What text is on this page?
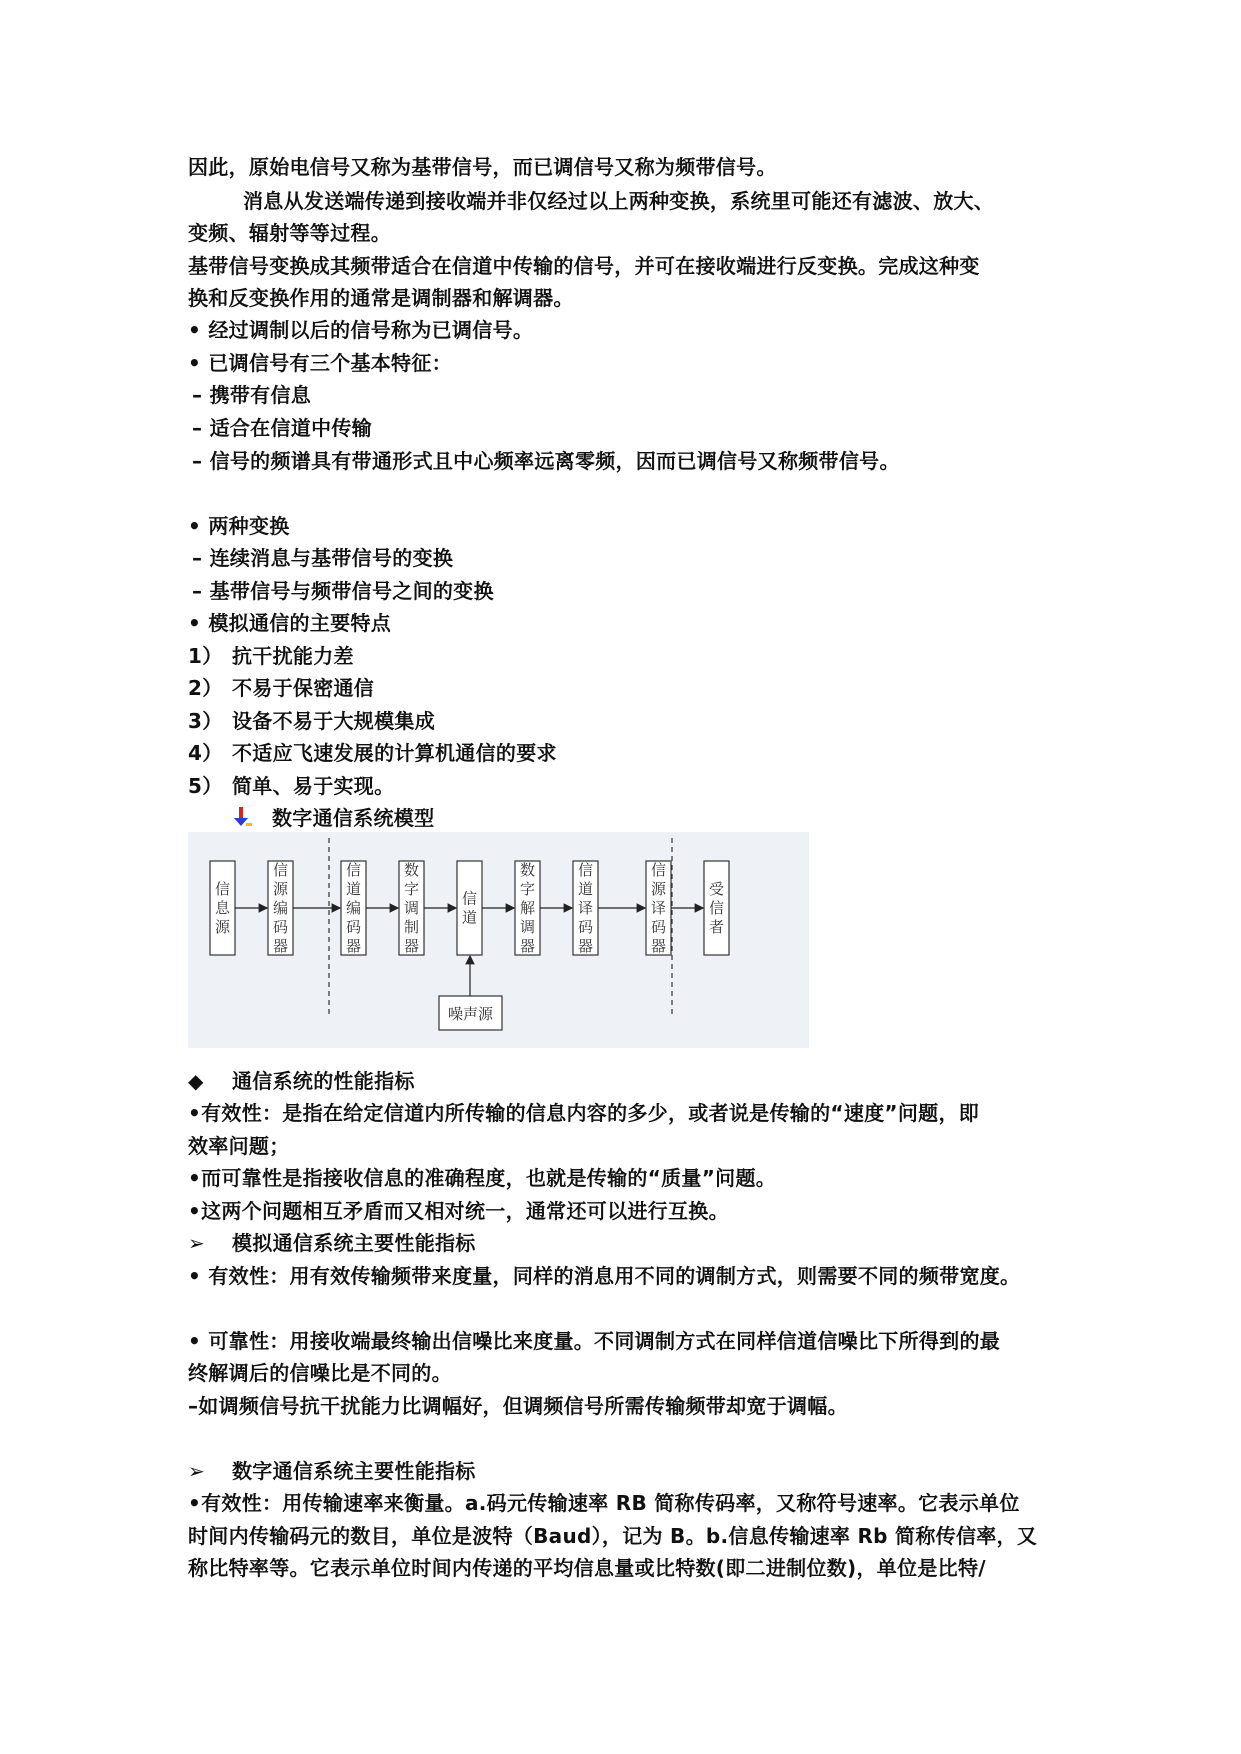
因此，原始电信号又称为基带信号，而已调信号又称为频带信号。
消息从发送端传递到接收端并非仅经过以上两种变换，系统里可能还有滤波、放大、
变频、辐射等等过程。
基带信号变换成其频带适合在信道中传输的信号，并可在接收端进行反变换。完成这种变
换和反变换作用的通常是调制器和解调器。
• 经过调制以后的信号称为已调信号。
• 已调信号有三个基本特征：
– 携带有信息
– 适合在信道中传输
– 信号的频谱具有带通形式且中心频率远离零频，因而已调信号又称频带信号。
• 两种变换
– 连续消息与基带信号的变换
– 基带信号与频带信号之间的变换
• 模拟通信的主要特点
1） 抗干扰能力差
2） 不易于保密通信
3） 设备不易于大规模集成
4） 不适应飞速发展的计算机通信的要求
5） 简单、易于实现。
数字通信系统模型
信
息
源
信
源
编
码
器
信
道
编
码
器
数
字
调
制
器
信
道
数
字
解
调
器
信
道
译
码
器
信
源
译
码
器
受
信
者
噪声源
◆ 通信系统的性能指标
•有效性：是指在给定信道内所传输的信息内容的多少，或者说是传输的“速度”问题，即
效率问题；
•而可靠性是指接收信息的准确程度，也就是传输的“质量”问题。
•这两个问题相互矛盾而又相对统一，通常还可以进行互换。
➢ 模拟通信系统主要性能指标
• 有效性：用有效传输频带来度量，同样的消息用不同的调制方式，则需要不同的频带宽度。
• 可靠性：用接收端最终输出信噪比来度量。不同调制方式在同样信道信噪比下所得到的最
终解调后的信噪比是不同的。
–如调频信号抗干扰能力比调幅好，但调频信号所需传输频带却宽于调幅。
➢ 数字通信系统主要性能指标
•有效性：用传输速率来衡量。a.码元传输速率 RB 简称传码率，又称符号速率。它表示单位
时间内传输码元的数目，单位是波特（Baud），记为 B。b.信息传输速率 Rb 简称传信率，又
称比特率等。它表示单位时间内传递的平均信息量或比特数(即二进制位数)，单位是比特/
